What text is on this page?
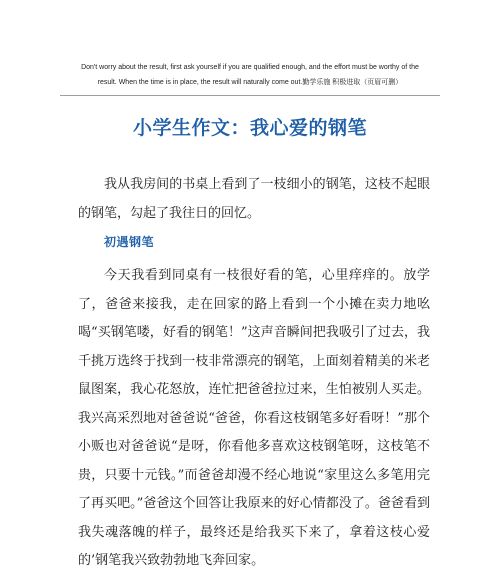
Don't worry about the result, first ask yourself if you are qualified enough, and the effort must be worthy of the
result. When the time is in place, the result will naturally come out.勤学乐施 积极进取（页眉可删）
小学生作文：我心爱的钢笔
我从我房间的书桌上看到了一枝细小的钢笔，这枝不起眼的钢笔，勾起了我往日的回忆。
初遇钢笔
今天我看到同桌有一枝很好看的笔，心里痒痒的。放学了，爸爸来接我，走在回家的路上看到一个小摊在卖力地吆喝“买钢笔喽，好看的钢笔！”这声音瞬间把我吸引了过去，我千挑万选终于找到一枝非常漂亮的钢笔，上面刻着精美的米老鼠图案，我心花怒放，连忙把爸爸拉过来，生怕被别人买走。我兴高采烈地对爸爸说“爸爸，你看这枝钢笔多好看呀！”那个小贩也对爸爸说“是呀，你看他多喜欢这枝钢笔呀，这枝笔不贵，只要十元钱。”而爸爸却漫不经心地说“家里这么多笔用完了再买吧。”爸爸这个回答让我原来的好心情都没了。爸爸看到我失魂落魄的样子，最终还是给我买下来了，拿着这枝心爱的’钢笔我兴致勃勃地飞奔回家。
